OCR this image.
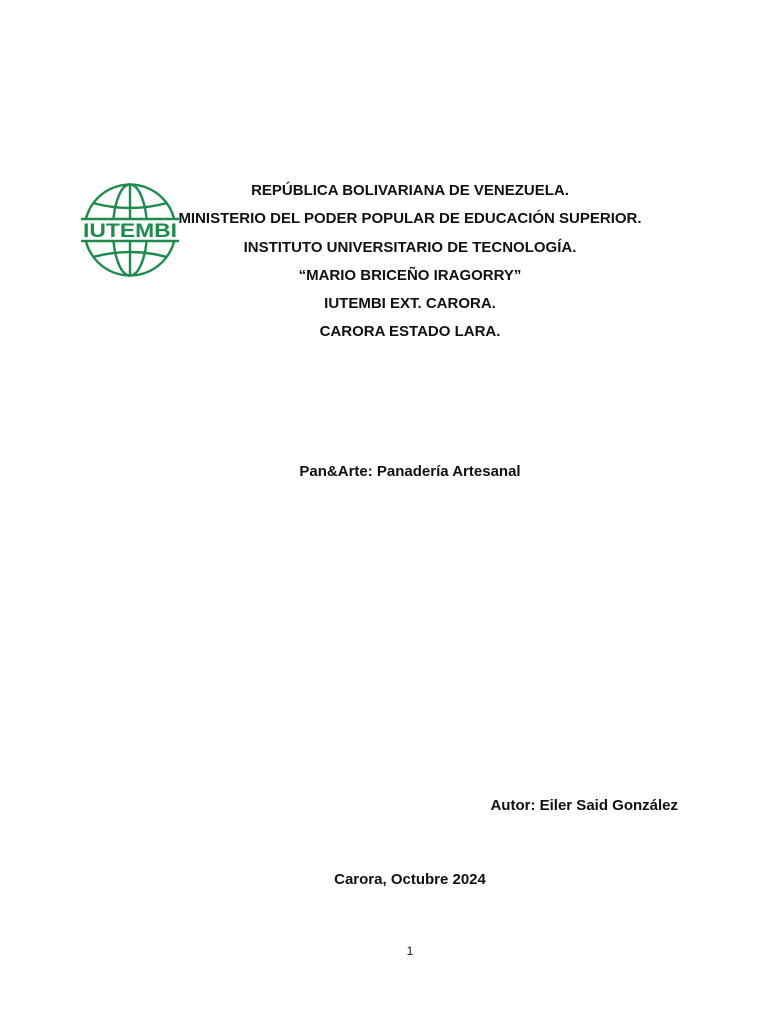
IUTEMBI
REPÚBLICA BOLIVARIANA DE VENEZUELA.
MINISTERIO DEL PODER POPULAR DE EDUCACIÓN SUPERIOR.
INSTITUTO UNIVERSITARIO DE TECNOLOGÍA.
“MARIO BRICEÑO IRAGORRY”
IUTEMBI EXT. CARORA.
CARORA ESTADO LARA.
Pan&Arte: Panadería Artesanal
Autor: Eiler Said González
Carora, Octubre 2024
1
